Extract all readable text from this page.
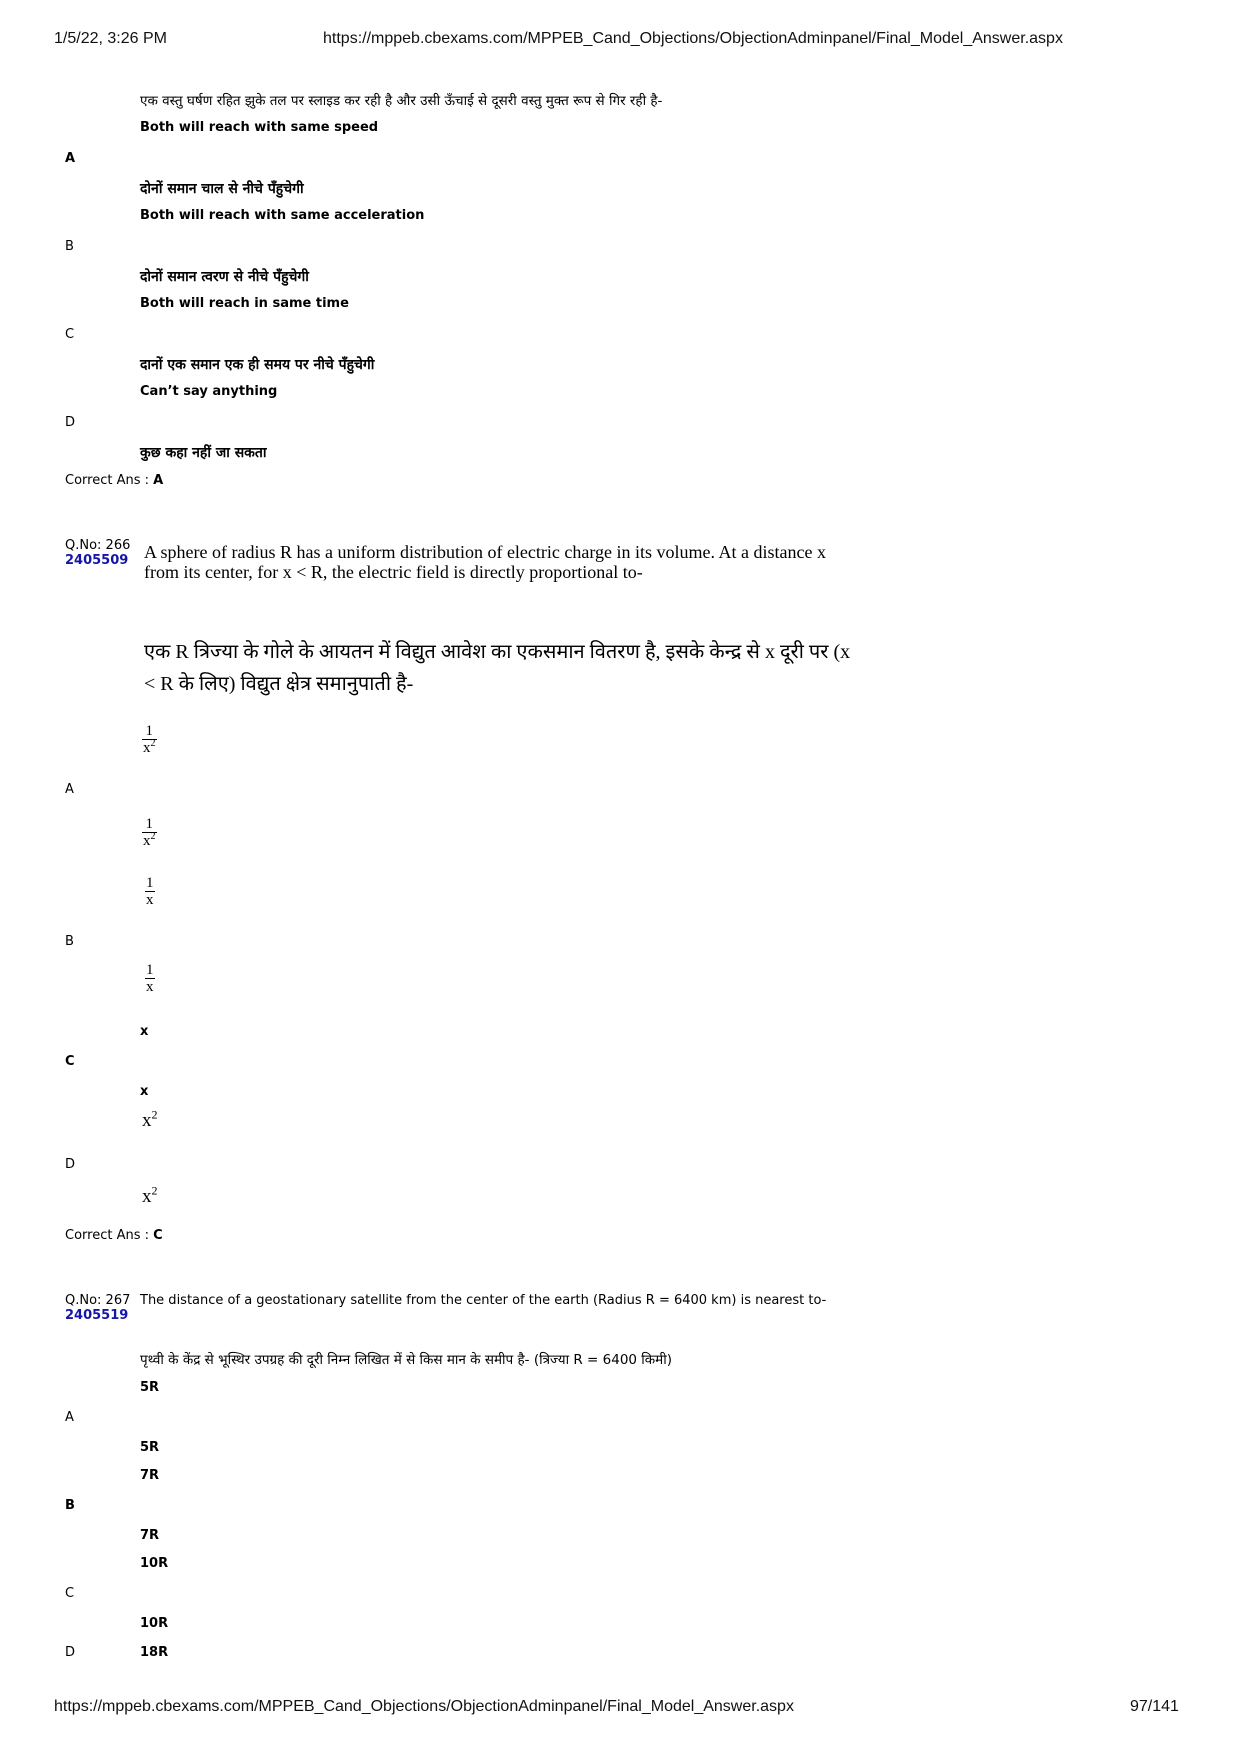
1/5/22, 3:26 PM	https://mppeb.cbexams.com/MPPEB_Cand_Objections/ObjectionAdminpanel/Final_Model_Answer.aspx
एक वस्तु घर्षण रहित झुके तल पर स्लाइड कर रही है और उसी ऊँचाई से दूसरी वस्तु मुक्त रूप से गिर रही है-
Both will reach with same speed
A
दोनों समान चाल से नीचे पँहुचेगी
Both will reach with same acceleration
B
दोनों समान त्वरण से नीचे पँहुचेगी
Both will reach in same time
C
दानों एक समान एक ही समय पर नीचे पँहुचेगी
Can’t say anything
D
कुछ कहा नहीं जा सकता
Correct Ans : A
Q.No: 266
2405509 A sphere of radius R has a uniform distribution of electric charge in its volume. At a distance x from its center, for x < R, the electric field is directly proportional to-
एक R त्रिज्या के गोले के आयतन में विद्युत आवेश का एकसमान वितरण है, इसके केन्द्र से x दूरी पर (x < R के लिए) विद्युत क्षेत्र समानुपाती है-
$\frac{1}{x^2}$
A
$\frac{1}{x^2}$
$\frac{1}{x}$
B
$\frac{1}{x}$
x
C
x
$x^2$
D
$x^2$
Correct Ans : C
Q.No: 267
2405519
The distance of a geostationary satellite from the center of the earth (Radius R = 6400 km) is nearest to-
पृथ्वी के केंद्र से भूस्थिर उपग्रह की दूरी निम्न लिखित में से किस मान के समीप है- (त्रिज्या R = 6400 किमी)
5R
A
5R
7R
B
7R
10R
C
10R
D	18R
https://mppeb.cbexams.com/MPPEB_Cand_Objections/ObjectionAdminpanel/Final_Model_Answer.aspx	97/141
